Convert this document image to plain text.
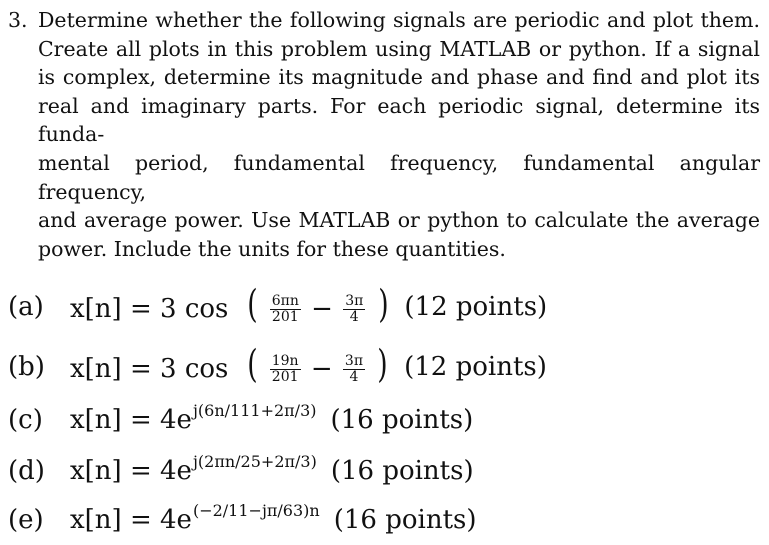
3. Determine whether the following signals are periodic and plot them.
Create all plots in this problem using MATLAB or python. If a signal
is complex, determine its magnitude and phase and find and plot its
real and imaginary parts. For each periodic signal, determine its funda-
mental period, fundamental frequency, fundamental angular frequency,
and average power. Use MATLAB or python to calculate the average
power. Include the units for these quantities.

(a)	x[n] = 3 cos ( $\frac{6\pi n}{201} - \frac{3\pi}{4}$ ) (12 points)
(b) x[n] = 3 cos ( $\frac{19n}{201} - \frac{3\pi}{4}$ ) (12 points)
(c)	$x[n] = 4e^{j(6n/111+2\pi/3)}$ (16 points)
(d) $x[n] = 4e^{j(2\pi n/25+2\pi/3)}$ (16 points)
(e)	$x[n] = 4e^{(-2/11-j\pi/63)n}$ (16 points)
